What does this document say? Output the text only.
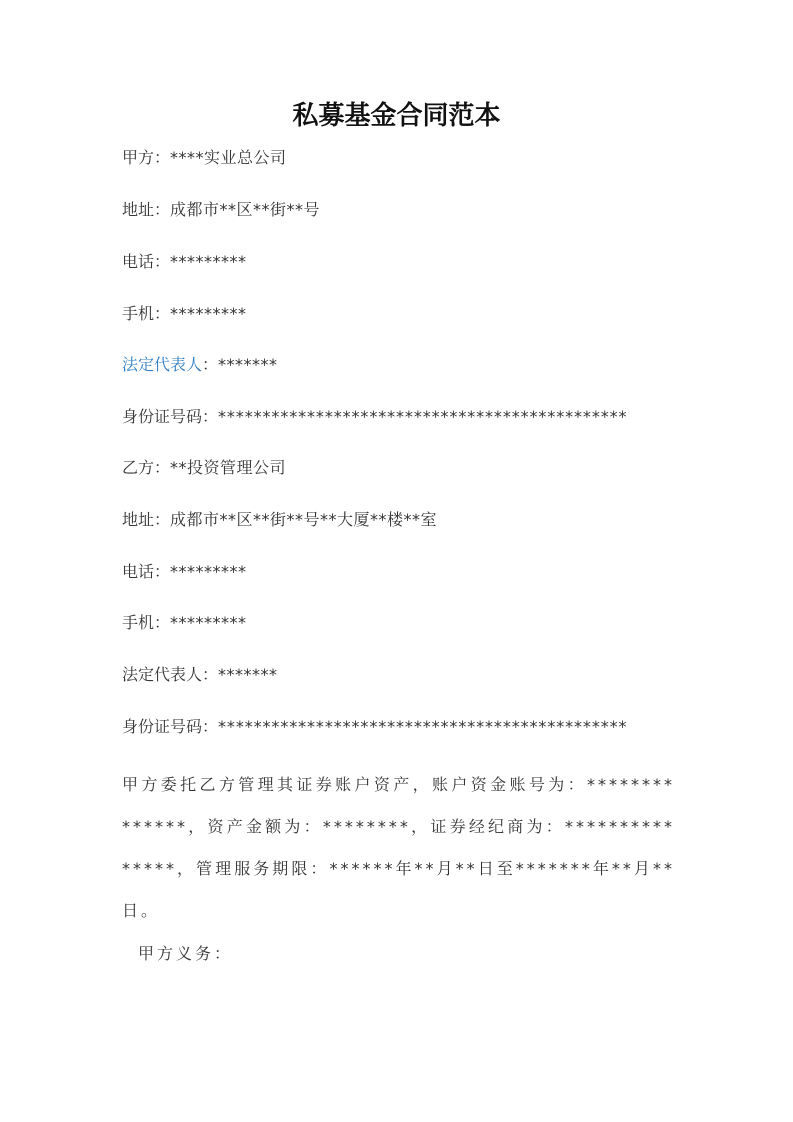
私募基金合同范本
甲方：****实业总公司
地址：成都市**区**街**号
电话：*********
手机：*********
法定代表人：*******
身份证号码：**********************************************
乙方：**投资管理公司
地址：成都市**区**街**号**大厦**楼**室
电话：*********
手机：*********
法定代表人：*******
身份证号码：**********************************************
甲方委托乙方管理其证券账户资产，账户资金账号为：**************，资产金额为：********，证券经纪商为：***************，管理服务期限：******年**月**日至*******年**月**日。
甲方义务：
